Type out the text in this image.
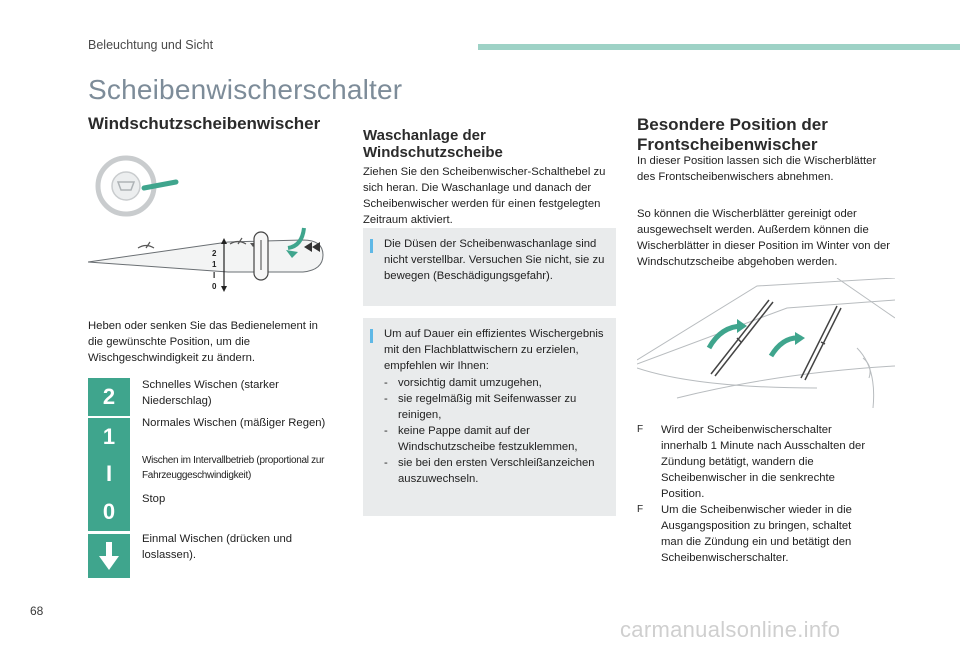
Beleuchtung und Sicht
Scheibenwischerschalter
Windschutzscheibenwischer
2
1
I
0
Heben oder senken Sie das Bedienelement in die gewünschte Position, um die Wischgeschwindigkeit zu ändern.
2	Schnelles Wischen (starker Niederschlag)
1
Normales Wischen (mäßiger Regen)
I
Wischen im Intervallbetrieb (proportional zur Fahrzeuggeschwindigkeit)
0	Stop
Einmal Wischen (drücken und loslassen).
Waschanlage der Windschutzscheibe
Ziehen Sie den Scheibenwischer-Schalthebel zu sich heran. Die Waschanlage und danach der Scheibenwischer werden für einen festgelegten Zeitraum aktiviert.
Die Düsen der Scheibenwaschanlage sind nicht verstellbar. Versuchen Sie nicht, sie zu bewegen (Beschädigungsgefahr).
Um auf Dauer ein effizientes Wischergebnis mit den Flachblattwischern zu erzielen, empfehlen wir Ihnen:
- vorsichtig damit umzugehen,
- sie regelmäßig mit Seifenwasser zu reinigen,
- keine Pappe damit auf der Windschutzscheibe festzuklemmen,
- sie bei den ersten Verschleißanzeichen auszuwechseln.
Besondere Position der Frontscheibenwischer
In dieser Position lassen sich die Wischerblätter des Frontscheibenwischers abnehmen.
So können die Wischerblätter gereinigt oder ausgewechselt werden. Außerdem können die Wischerblätter in dieser Position im Winter von der Windschutzscheibe abgehoben werden.
F Wird der Scheibenwischerschalter innerhalb 1 Minute nach Ausschalten der Zündung betätigt, wandern die Scheibenwischer in die senkrechte Position.
F Um die Scheibenwischer wieder in die Ausgangsposition zu bringen, schaltet man die Zündung ein und betätigt den Scheibenwischerschalter.
68
carmanualsonline.info
